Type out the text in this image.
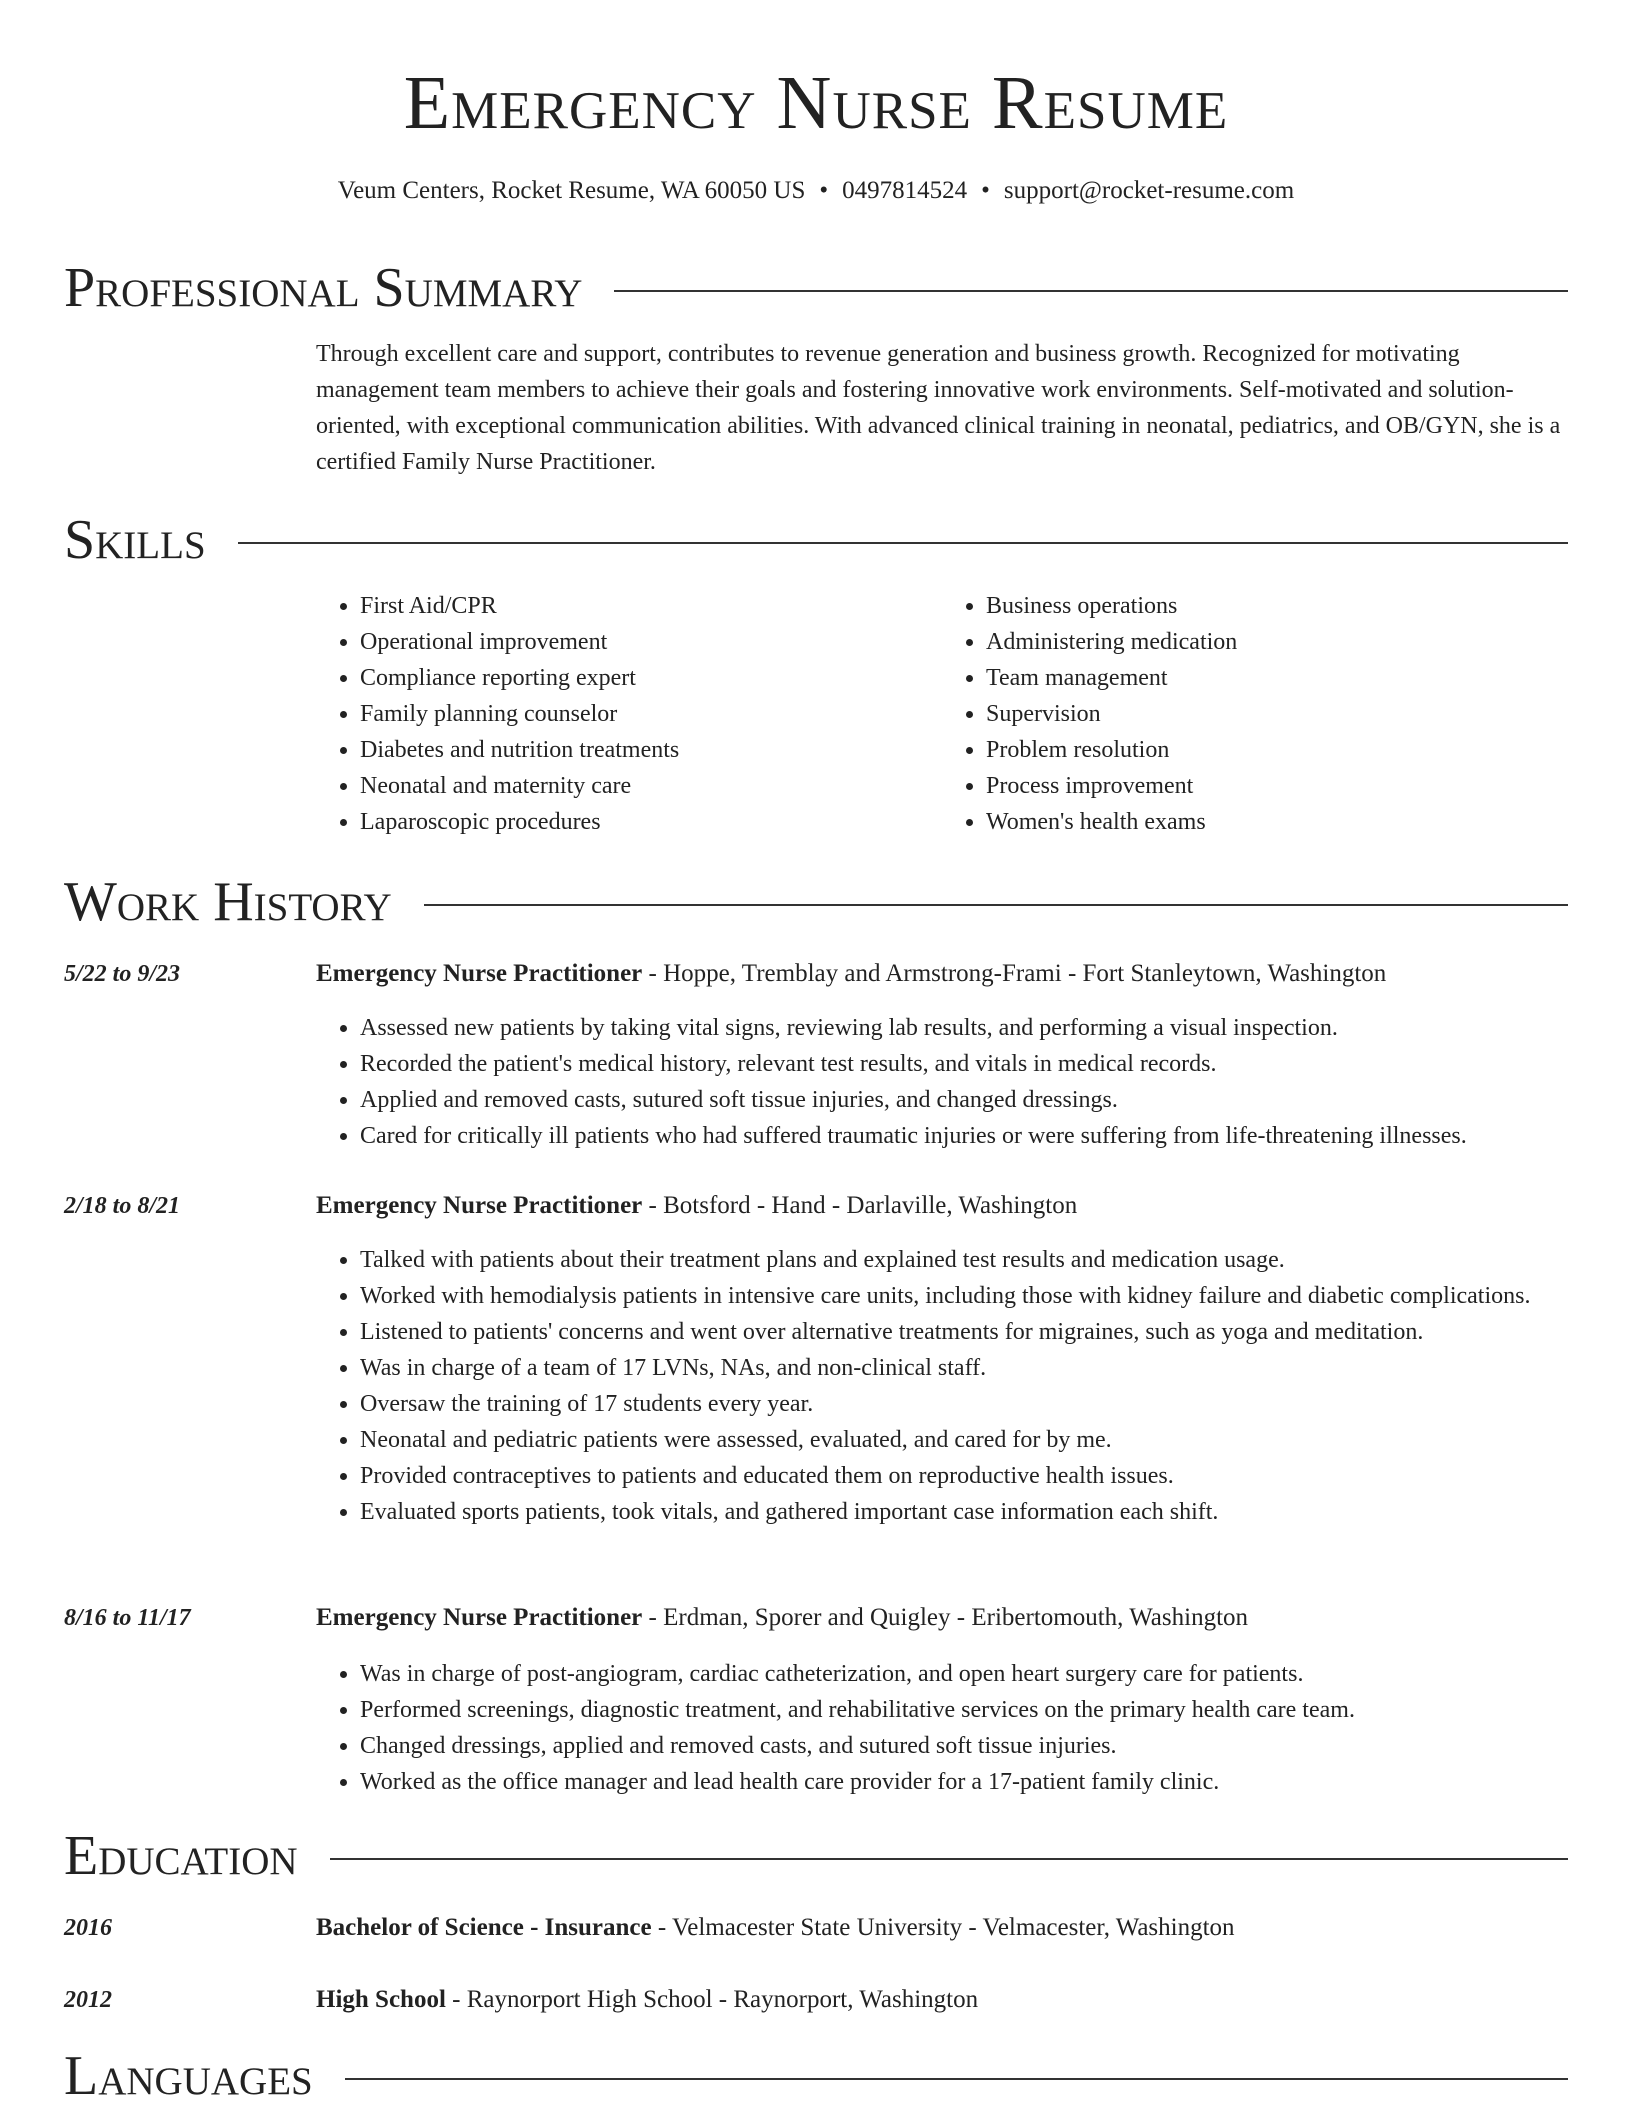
Emergency Nurse Resume
Veum Centers, Rocket Resume, WA 60050 US • 0497814524 • support@rocket-resume.com
Professional Summary

Through excellent care and support, contributes to revenue generation and business growth. Recognized for motivating management team members to achieve their goals and fostering innovative work environments. Self-motivated and solution-oriented, with exceptional communication abilities. With advanced clinical training in neonatal, pediatrics, and OB/GYN, she is a certified Family Nurse Practitioner.

Skills
• First Aid/CPR
• Operational improvement
• Compliance reporting expert
• Family planning counselor
• Diabetes and nutrition treatments
• Neonatal and maternity care
• Laparoscopic procedures
• Business operations
• Administering medication
• Team management
• Supervision
• Problem resolution
• Process improvement
• Women's health exams
Work History
5/22 to 9/23	Emergency Nurse Practitioner - Hoppe, Tremblay and Armstrong-Frami - Fort Stanleytown, Washington
• Assessed new patients by taking vital signs, reviewing lab results, and performing a visual inspection.
• Recorded the patient's medical history, relevant test results, and vitals in medical records.
• Applied and removed casts, sutured soft tissue injuries, and changed dressings.
• Cared for critically ill patients who had suffered traumatic injuries or were suffering from life-threatening illnesses.
2/18 to 8/21	Emergency Nurse Practitioner - Botsford - Hand - Darlaville, Washington
• Talked with patients about their treatment plans and explained test results and medication usage.
• Worked with hemodialysis patients in intensive care units, including those with kidney failure and diabetic complications.
• Listened to patients' concerns and went over alternative treatments for migraines, such as yoga and meditation.
• Was in charge of a team of 17 LVNs, NAs, and non-clinical staff.
• Oversaw the training of 17 students every year.
• Neonatal and pediatric patients were assessed, evaluated, and cared for by me.
• Provided contraceptives to patients and educated them on reproductive health issues.
• Evaluated sports patients, took vitals, and gathered important case information each shift.
8/16 to 11/17	Emergency Nurse Practitioner - Erdman, Sporer and Quigley - Eribertomouth, Washington
• Was in charge of post-angiogram, cardiac catheterization, and open heart surgery care for patients.
• Performed screenings, diagnostic treatment, and rehabilitative services on the primary health care team.
• Changed dressings, applied and removed casts, and sutured soft tissue injuries.
• Worked as the office manager and lead health care provider for a 17-patient family clinic.
Education
2016	Bachelor of Science - Insurance - Velmacester State University - Velmacester, Washington
2012	High School - Raynorport High School - Raynorport, Washington
Languages
